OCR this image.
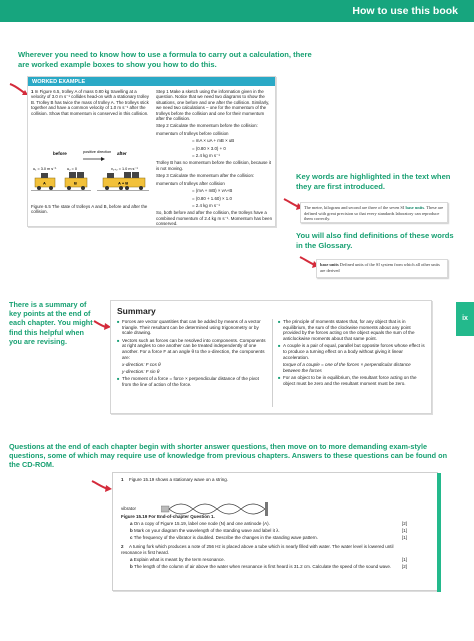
How to use this book
ix
Wherever you need to know how to use a formula to carry out a calculation, there are worked example boxes to show you how to do this.
WORKED EXAMPLE

1 In Figure 6.5, trolley A of mass 0.80 kg travelling at a velocity of 3.0 m s⁻¹ collides head-on with a stationary trolley B. Trolley B has twice the mass of trolley A. The trolleys stick together and have a common velocity of 1.0 m s⁻¹ after the collision. Show that momentum is conserved in this collision.

before	after
positive direction
u₁ = 3.0 m s⁻¹	u₂ = 0	v₁₊₂ = 1.0 m s⁻¹
A	B	A + B
Figure 6.5 The state of trolleys A and B, before and after the collision.

Step 1 Make a sketch using the information given in the question. Notice that we need two diagrams to show the situations, one before and one after the collision. Similarly, we need two calculations – one for the momentum of the trolleys before the collision and one for their momentum after the collision.

Step 2 Calculate the momentum before the collision:

momentum of trolleys before collision

= mA × uA + mB × uB

= (0.80 × 3.0) + 0

= 2.4 kg m s⁻¹

Trolley B has no momentum before the collision, because it is not moving.

Step 3 Calculate the momentum after the collision:

momentum of trolleys after collision

= (mA + mB) × vA+B

= (0.80 + 1.60) × 1.0

= 2.4 kg m s⁻¹

So, both before and after the collision, the trolleys have a combined momentum of 2.4 kg m s⁻¹. Momentum has been conserved.

Key words are highlighted in the text when they are first introduced.
The metre, kilogram and second are three of the seven SI base units. These are defined with great precision so that every standards laboratory can reproduce them correctly.
You will also find definitions of these words in the Glossary.
base units Defined units of the SI system from which all other units are derived
There is a summary of key points at the end of each chapter. You might find this helpful when you are revising.
Summary
■ Forces are vector quantities that can be added by means of a vector triangle. Their resultant can be determined using trigonometry or by scale drawing.
■ Vectors such as forces can be resolved into components. Components at right angles to one another can be treated independently of one another. For a force F at an angle θ to the x-direction, the components are:
x-direction: F cos θ
y-direction: F sin θ
■ The moment of a force = force × perpendicular distance of the pivot from the line of action of the force.
■ The principle of moments states that, for any object that is in equilibrium, the sum of the clockwise moments about any point provided by the forces acting on the object equals the sum of the anticlockwise moments about that same point.
■ A couple is a pair of equal, parallel but opposite forces whose effect is to produce a turning effect on a body without giving it linear acceleration.
torque of a couple = one of the forces × perpendicular distance between the forces
■ For an object to be in equilibrium, the resultant force acting on the object must be zero and the resultant moment must be zero.
Questions at the end of each chapter begin with shorter answer questions, then move on to more demanding exam-style questions, some of which may require use of knowledge from previous chapters. Answers to these questions can be found on the CD-ROM.

1 Figure 15.19 shows a stationary wave on a string.

vibrator

Figure 15.19 For End-of-chapter Question 1.

a On a copy of Figure 15.19, label one node (N) and one antinode (A).	[2]

b Mark on your diagram the wavelength of the standing wave and label it λ.	[1]

c The frequency of the vibrator is doubled. Describe the changes in the standing wave pattern.	[1]

2 A tuning fork which produces a note of 256 Hz is placed above a tube which is nearly filled with water. The water level is lowered until resonance is first heard.

a Explain what is meant by the term resonance.	[1]

b The length of the column of air above the water when resonance is first heard is 31.2 cm. Calculate the speed of the sound wave. [2]
